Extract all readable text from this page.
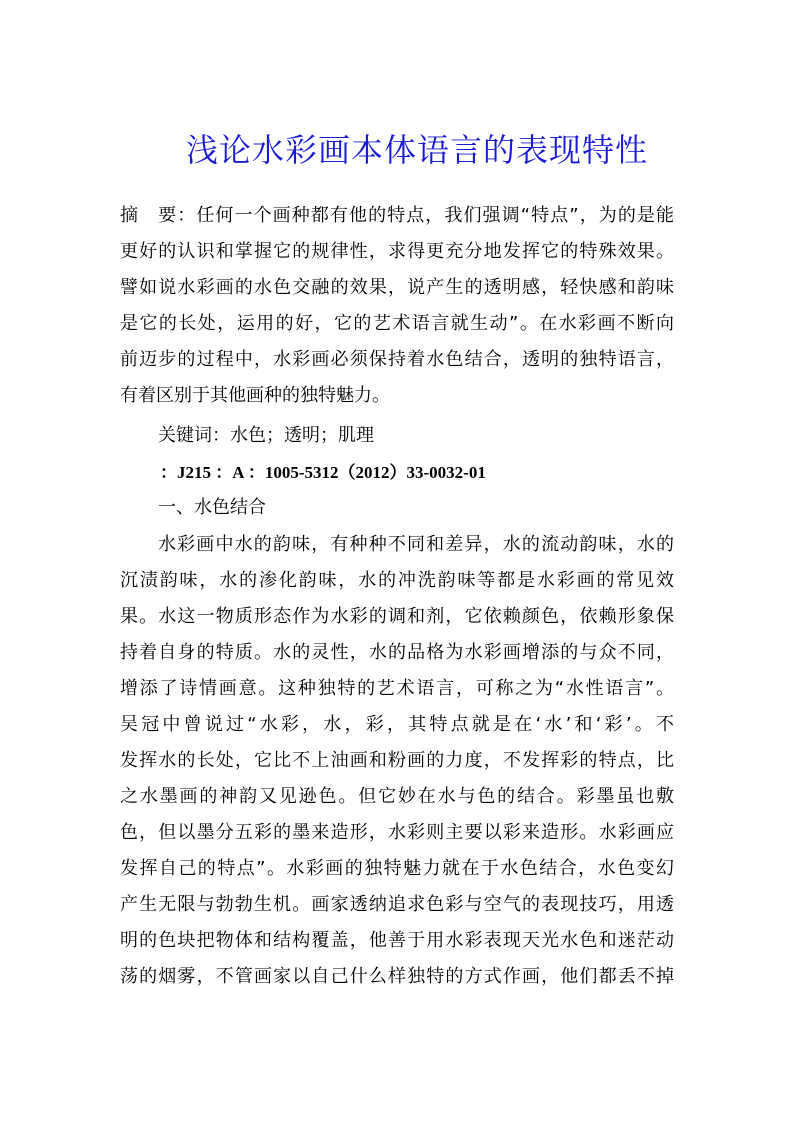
浅论水彩画本体语言的表现特性
摘 要：任何一个画种都有他的特点，我们强调“特点”，为的是能
更好的认识和掌握它的规律性，求得更充分地发挥它的特殊效果。
譬如说水彩画的水色交融的效果，说产生的透明感，轻快感和韵味
是它的长处，运用的好，它的艺术语言就生动”。在水彩画不断向
前迈步的过程中，水彩画必须保持着水色结合，透明的独特语言，
有着区别于其他画种的独特魅力。
关键词：水色；透明；肌理
：J215 ：A ：1005-5312（2012）33-0032-01
一、水色结合
水彩画中水的韵味，有种种不同和差异，水的流动韵味，水的
沉渍韵味，水的渗化韵味，水的冲洗韵味等都是水彩画的常见效
果。水这一物质形态作为水彩的调和剂，它依赖颜色，依赖形象保
持着自身的特质。水的灵性，水的品格为水彩画增添的与众不同，
增添了诗情画意。这种独特的艺术语言，可称之为“水性语言”。
吴冠中曾说过“水彩，水，彩，其特点就是在‘水’和‘彩’。不
发挥水的长处，它比不上油画和粉画的力度，不发挥彩的特点，比
之水墨画的神韵又见逊色。但它妙在水与色的结合。彩墨虽也敷
色，但以墨分五彩的墨来造形，水彩则主要以彩来造形。水彩画应
发挥自己的特点”。水彩画的独特魅力就在于水色结合，水色变幻
产生无限与勃勃生机。画家透纳追求色彩与空气的表现技巧，用透
明的色块把物体和结构覆盖，他善于用水彩表现天光水色和迷茫动
荡的烟雾，不管画家以自己什么样独特的方式作画，他们都丢不掉
